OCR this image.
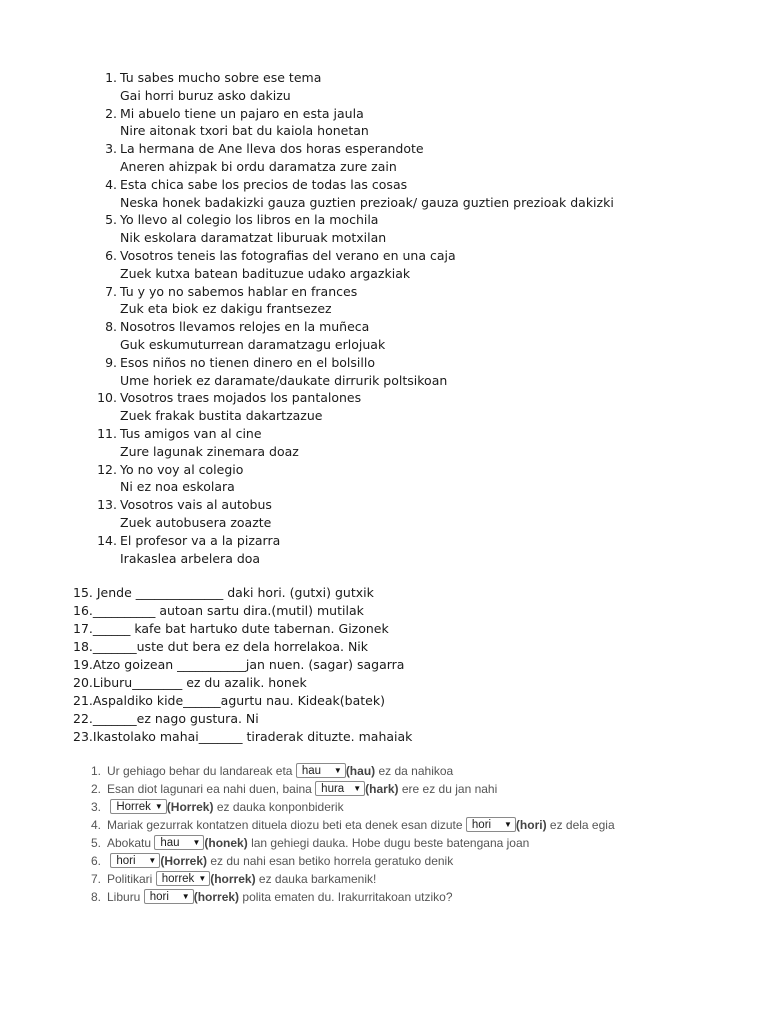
1. Tu sabes mucho sobre ese tema
Gai horri buruz asko dakizu
2. Mi abuelo tiene un pajaro en esta jaula
Nire aitonak txori bat du kaiola honetan
3. La hermana de Ane lleva dos horas esperandote
Aneren ahizpak bi ordu daramatza zure zain
4. Esta chica sabe los precios de todas las cosas
Neska honek badakizki gauza guztien prezioak/ gauza guztien prezioak dakizki
5. Yo llevo al colegio los libros en la mochila
Nik eskolara daramatzat liburuak motxilan
6. Vosotros teneis las fotografias del verano en una caja
Zuek kutxa batean badituzue udako argazkiak
7. Tu y yo no sabemos hablar en frances
Zuk eta biok ez dakigu frantsezez
8. Nosotros llevamos relojes en la muñeca
Guk eskumuturrean daramatzagu erlojuak
9. Esos niños no tienen dinero en el bolsillo
Ume horiek ez daramate/daukate dirrurik poltsikoan
10. Vosotros traes mojados los pantalones
Zuek frakak bustita dakartzazue
11. Tus amigos van al cine
Zure lagunak zinemara doaz
12. Yo no voy al colegio
Ni ez noa eskolara
13. Vosotros vais al autobus
Zuek autobusera zoazte
14. El profesor va a la pizarra
Irakaslea arbelera doa
15. Jende ______________ daki hori. (gutxi) gutxik
16.__________ autoan sartu dira.(mutil) mutilak
17.______ kafe bat hartuko dute tabernan. Gizonek
18._______uste dut bera ez dela horrelakoa. Nik
19.Atzo goizean ___________jan nuen. (sagar) sagarra
20.Liburu________ ez du azalik. honek
21.Aspaldiko kide______agurtu nau. Kideak(batek)
22._______ez nago gustura. Ni
23.Ikastolako mahai_______ tiraderak dituzte. mahaiak
1. Ur gehiago behar du landareak eta hau ▼ (hau) ez da nahikoa
2. Esan diot lagunari ea nahi duen, baina hura ▼ (hark) ere ez du jan nahi
3. Horrek ▼ (Horrek) ez dauka konponbiderik
4. Mariak gezurrak kontatzen dituela diozu beti eta denek esan dizute hori ▼ (hori) ez dela egia
5. Abokatu hau ▼ (honek) lan gehiegi dauka. Hobe dugu beste batengana joan
6. hori ▼ (Horrek) ez du nahi esan betiko horrela geratuko denik
7. Politikari horrek ▼ (horrek) ez dauka barkamenik!
8. Liburu hori ▼ (horrek) polita ematen du. Irakurritakoan utziko?
